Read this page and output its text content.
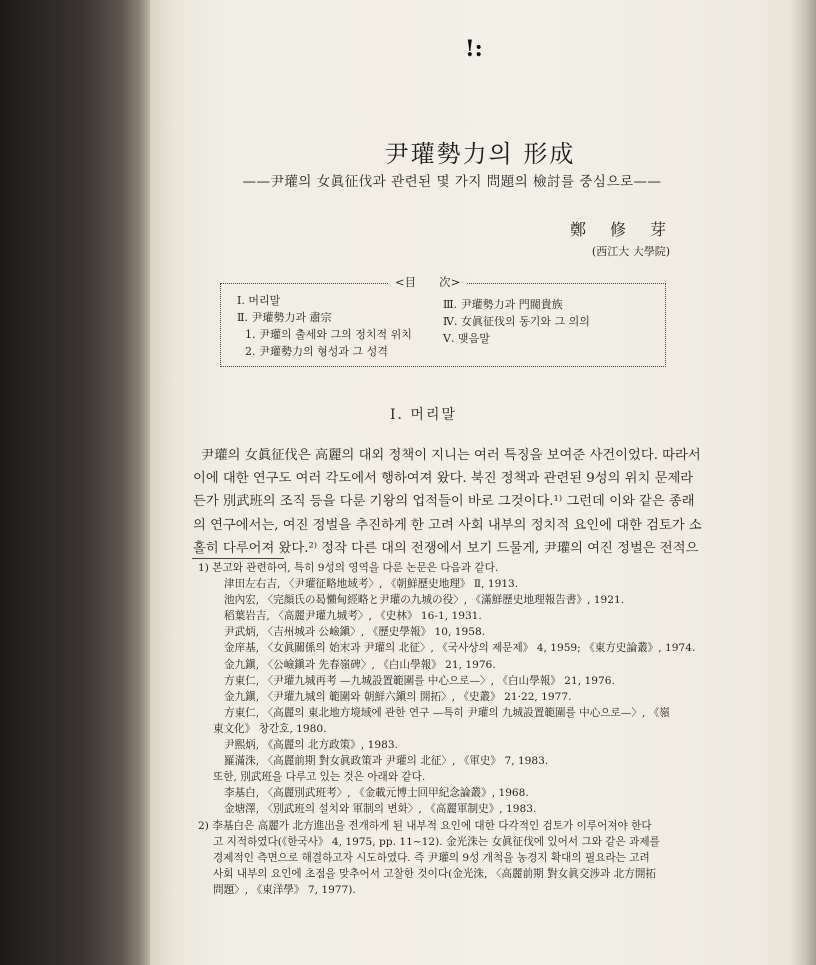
!:
尹瓘勢力의 形成
——尹瓘의 女眞征伐과 관련된 몇 가지 問題의 檢討를 중심으로——
鄭修芽
(西江大 大學院)
<目　　次>
Ⅰ. 머리말
Ⅱ. 尹瓘勢力과 肅宗
1. 尹瓘의 출세와 그의 정치적 위치
2. 尹瓘勢力의 형성과 그 성격
Ⅲ. 尹瓘勢力과 門閥貴族
Ⅳ. 女眞征伐의 동기와 그 의의
Ⅴ. 맺음말
Ⅰ. 머리말

尹瓘의 女眞征伐은 高麗의 대외 정책이 지니는 여러 특징을 보여준 사건이었다. 따라서

이에 대한 연구도 여러 각도에서 행하여져 왔다. 북진 정책과 관련된 9성의 위치 문제라

든가 別武班의 조직 등을 다룬 기왕의 업적들이 바로 그것이다.¹⁾ 그런데 이와 같은 종래

의 연구에서는, 여진 정벌을 추진하게 한 고려 사회 내부의 정치적 요인에 대한 검토가 소

홀히 다루어져 왔다.²⁾ 정작 다른 대의 전쟁에서 보기 드물게, 尹瓘의 여진 정벌은 전적으

1) 본고와 관련하여, 특히 9성의 영역을 다룬 논문은 다음과 같다.

津田左右吉, 〈尹瓘征略地域考〉, 《朝鮮歷史地理》 Ⅱ, 1913.

池內宏, 〈完顔氏の曷懶甸經略と尹瓘の九城の役〉, 《滿鮮歷史地理報告書》, 1921.

稻葉岩吉, 〈高麗尹瓘九城考〉, 《史林》 16-1, 1931.

尹武炳, 〈吉州城과 公嶮鎭〉, 《歷史學報》 10, 1958.

金庠基, 〈女眞關係의 始末과 尹瓘의 北征〉, 《국사상의 제문제》 4, 1959; 《東方史論叢》, 1974.

金九鎭, 〈公嶮鎭과 先春嶺碑〉, 《白山學報》 21, 1976.

方東仁, 〈尹瓘九城再考 —九城設置範圍를 中心으로—〉, 《白山學報》 21, 1976.

金九鎭, 〈尹瓘九城의 範圍와 朝鮮六鎭의 開拓〉, 《史叢》 21·22, 1977.

方東仁, 〈高麗의 東北地方境域에 관한 연구 —특히 尹瓘의 九城設置範圍를 中心으로—〉, 《嶺

東文化》 창간호, 1980.

尹熙炳, 《高麗의 北方政策》, 1983.

羅滿洙, 〈高麗前期 對女眞政策과 尹瓘의 北征〉, 《軍史》 7, 1983.

또한, 別武班을 다루고 있는 것은 아래와 같다.

李基白, 〈高麗別武班考〉, 《金載元博士回甲紀念論叢》, 1968.

金塘澤, 〈別武班의 설치와 軍制의 변화〉, 《高麗軍制史》, 1983.

2) 李基白은 高麗가 北方進出을 전개하게 된 내부적 요인에 대한 다각적인 검토가 이루어져야 한다

고 지적하였다(《한국사》 4, 1975, pp. 11~12). 金光洙는 女眞征伐에 있어서 그와 같은 과제를

경제적인 측면으로 해결하고자 시도하였다. 즉 尹瓘의 9성 개척을 농경지 확대의 필요라는 고려

사회 내부의 요인에 초점을 맞추어서 고찰한 것이다(金光洙, 〈高麗前期 對女眞交涉과 北方開拓

問題〉, 《東洋學》 7, 1977).
